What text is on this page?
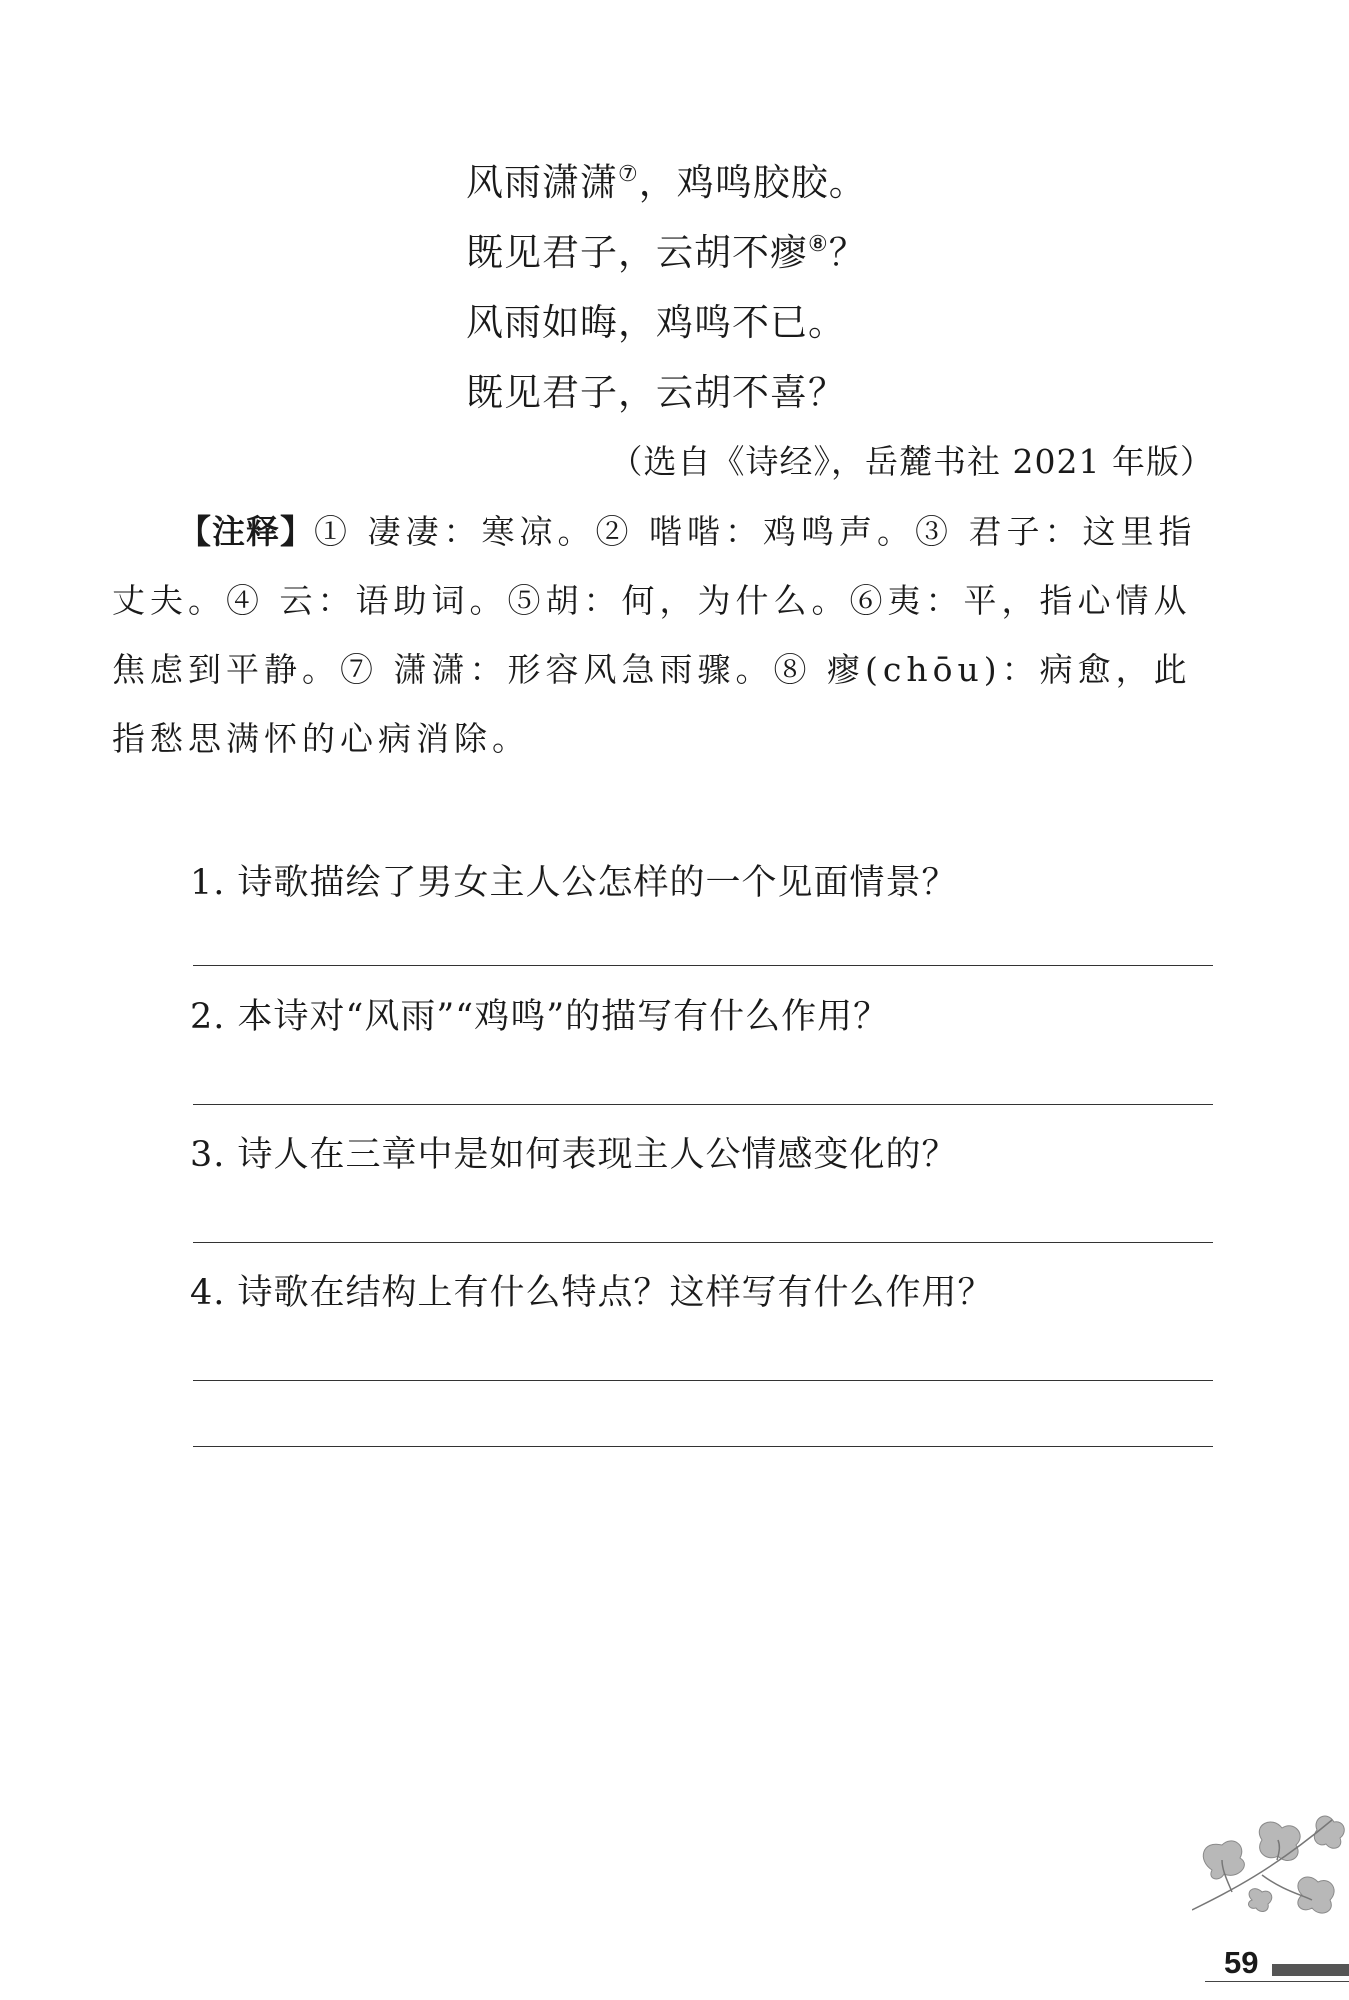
风雨潇潇⑦，鸡鸣胶胶。
既见君子，云胡不瘳⑧？
风雨如晦，鸡鸣不已。
既见君子，云胡不喜？
（选自《诗经》，岳麓书社 2021 年版）
【注释】① 凄凄：寒凉。② 喈喈：鸡鸣声。③ 君子：这里指丈夫。④ 云：语助词。⑤胡：何，为什么。⑥夷：平，指心情从焦虑到平静。⑦ 潇潇：形容风急雨骤。⑧ 瘳(chōu)：病愈，此指愁思满怀的心病消除。
1. 诗歌描绘了男女主人公怎样的一个见面情景？
2. 本诗对“风雨”“鸡鸣”的描写有什么作用？
3. 诗人在三章中是如何表现主人公情感变化的？
4. 诗歌在结构上有什么特点？这样写有什么作用？
59
